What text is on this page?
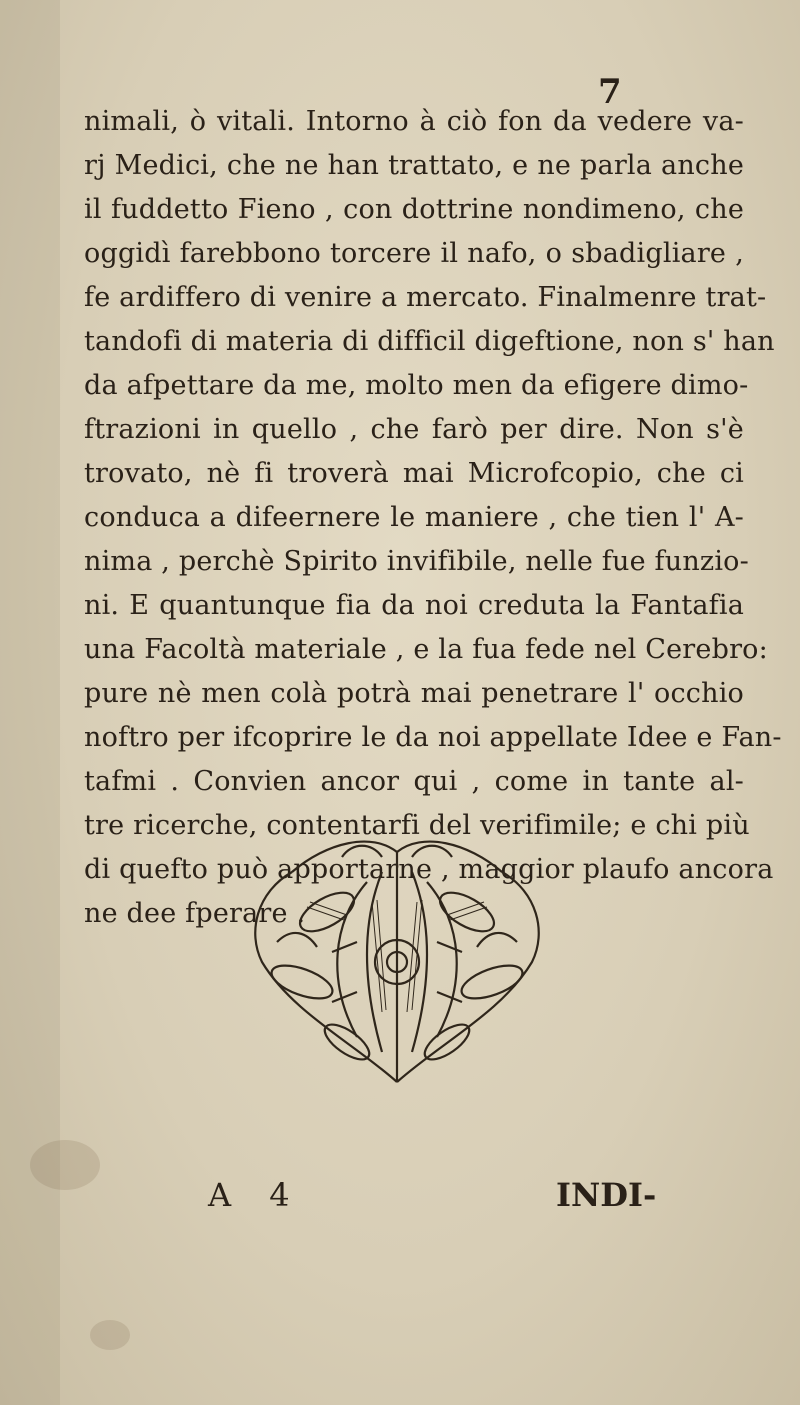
7
nimali, ò vitali. Intorno à ciò fon da vedere va-
rj Medici, che ne han trattato, e ne parla anche
il fuddetto Fieno , con dottrine nondimeno, che
oggidì farebbono torcere il nafo, o sbadigliare ,
fe ardiffero di venire a mercato. Finalmenre trat-
tandofi di materia di difficil digeftione, non s' han
da afpettare da me, molto men da efigere dimo-
ftrazioni in quello , che farò per dire. Non s'è
trovato, nè fi troverà mai Microfcopio, che ci
conduca a difeernere le maniere , che tien l' A-
nima , perchè Spirito invifibile, nelle fue funzio-
ni. E quantunque fia da noi creduta la Fantafia
una Facoltà materiale , e la fua fede nel Cerebro:
pure nè men colà potrà mai penetrare l' occhio
noftro per ifcoprire le da noi appellate Idee e Fan-
tafmi . Convien ancor qui , come in tante al-
tre ricerche, contentarfi del verifimile; e chi più
di quefto può apportarne , maggior plaufo ancora
ne dee fperare .
A 4	INDI-
